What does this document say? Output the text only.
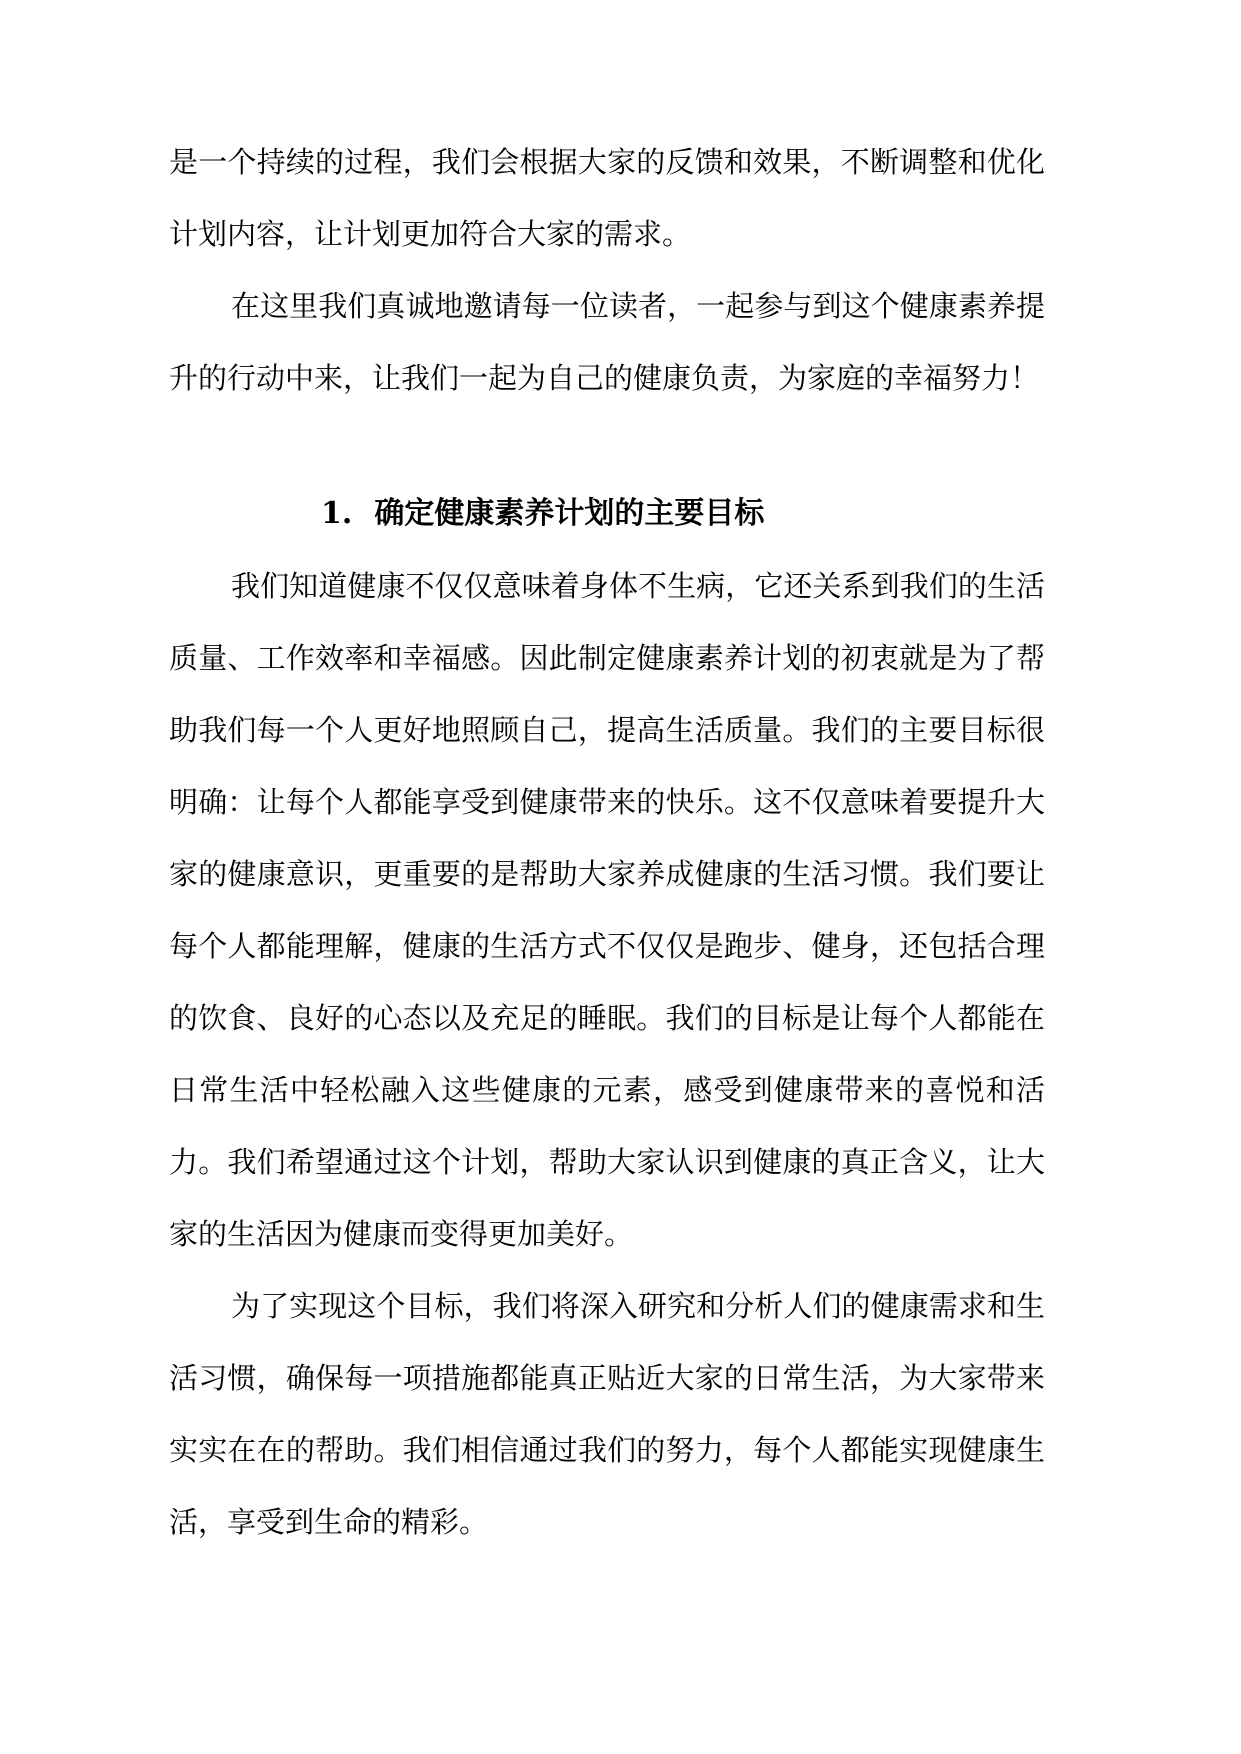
是一个持续的过程，我们会根据大家的反馈和效果，不断调整和优化计划内容，让计划更加符合大家的需求。

在这里我们真诚地邀请每一位读者，一起参与到这个健康素养提升的行动中来，让我们一起为自己的健康负责，为家庭的幸福努力！

1. 确定健康素养计划的主要目标

我们知道健康不仅仅意味着身体不生病，它还关系到我们的生活质量、工作效率和幸福感。因此制定健康素养计划的初衷就是为了帮助我们每一个人更好地照顾自己，提高生活质量。我们的主要目标很明确：让每个人都能享受到健康带来的快乐。这不仅意味着要提升大家的健康意识，更重要的是帮助大家养成健康的生活习惯。我们要让每个人都能理解，健康的生活方式不仅仅是跑步、健身，还包括合理的饮食、良好的心态以及充足的睡眠。我们的目标是让每个人都能在日常生活中轻松融入这些健康的元素，感受到健康带来的喜悦和活力。我们希望通过这个计划，帮助大家认识到健康的真正含义，让大家的生活因为健康而变得更加美好。

为了实现这个目标，我们将深入研究和分析人们的健康需求和生活习惯，确保每一项措施都能真正贴近大家的日常生活，为大家带来实实在在的帮助。我们相信通过我们的努力，每个人都能实现健康生活，享受到生命的精彩。
